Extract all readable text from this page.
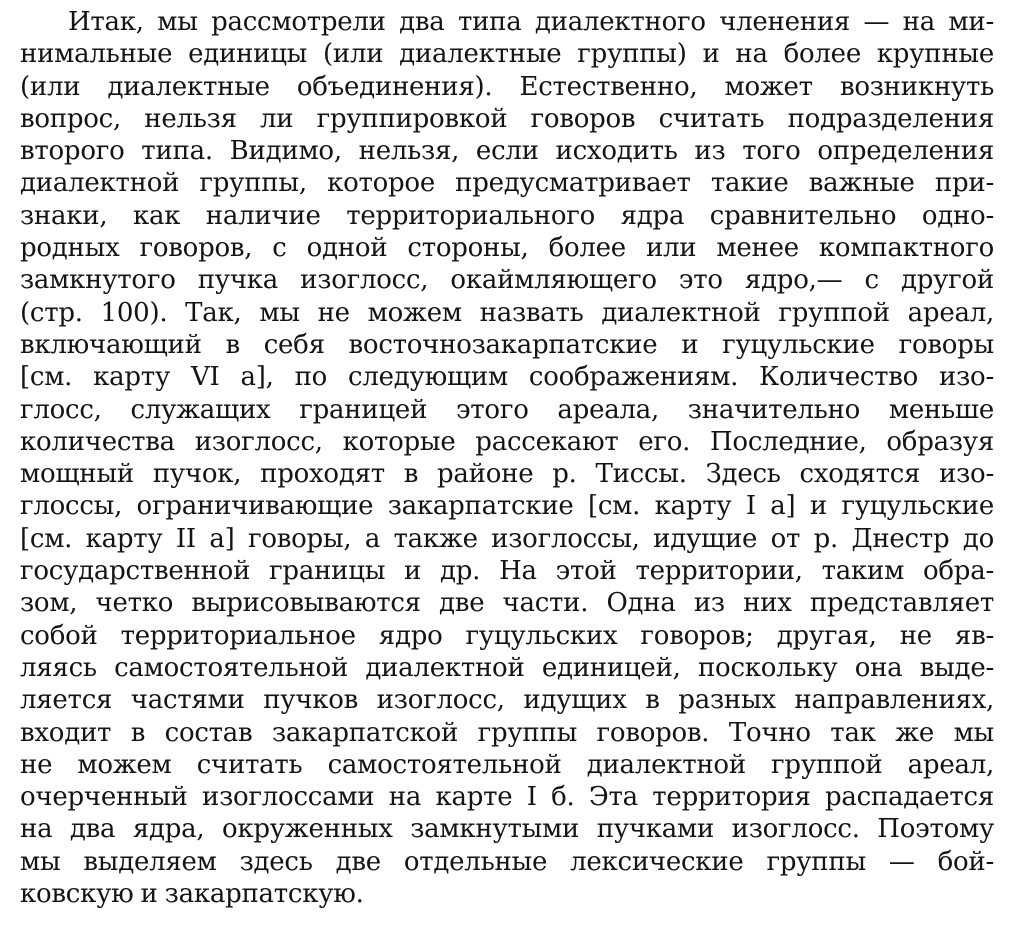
Итак, мы рассмотрели два типа диалектного членения — на ми-
нимальные единицы (или диалектные группы) и на более крупные
(или диалектные объединения). Естественно, может возникнуть
вопрос, нельзя ли группировкой говоров считать подразделения
второго типа. Видимо, нельзя, если исходить из того определения
диалектной группы, которое предусматривает такие важные при-
знаки, как наличие территориального ядра сравнительно одно-
родных говоров, с одной стороны, более или менее компактного
замкнутого пучка изоглосс, окаймляющего это ядро,— с другой
(стр. 100). Так, мы не можем назвать диалектной группой ареал,
включающий в себя восточнозакарпатские и гуцульские говоры
[см. карту VI а], по следующим соображениям. Количество изо-
глосс, служащих границей этого ареала, значительно меньше
количества изоглосс, которые рассекают его. Последние, образуя
мощный пучок, проходят в районе р. Тиссы. Здесь сходятся изо-
глоссы, ограничивающие закарпатские [см. карту I а] и гуцульские
[см. карту II а] говоры, а также изоглоссы, идущие от р. Днестр до
государственной границы и др. На этой территории, таким обра-
зом, четко вырисовываются две части. Одна из них представляет
собой территориальное ядро гуцульских говоров; другая, не яв-
ляясь самостоятельной диалектной единицей, поскольку она выде-
ляется частями пучков изоглосс, идущих в разных направлениях,
входит в состав закарпатской группы говоров. Точно так же мы
не можем считать самостоятельной диалектной группой ареал,
очерченный изоглоссами на карте I б. Эта территория распадается
на два ядра, окруженных замкнутыми пучками изоглосс. Поэтому
мы выделяем здесь две отдельные лексические группы — бой-
ковскую и закарпатскую.
